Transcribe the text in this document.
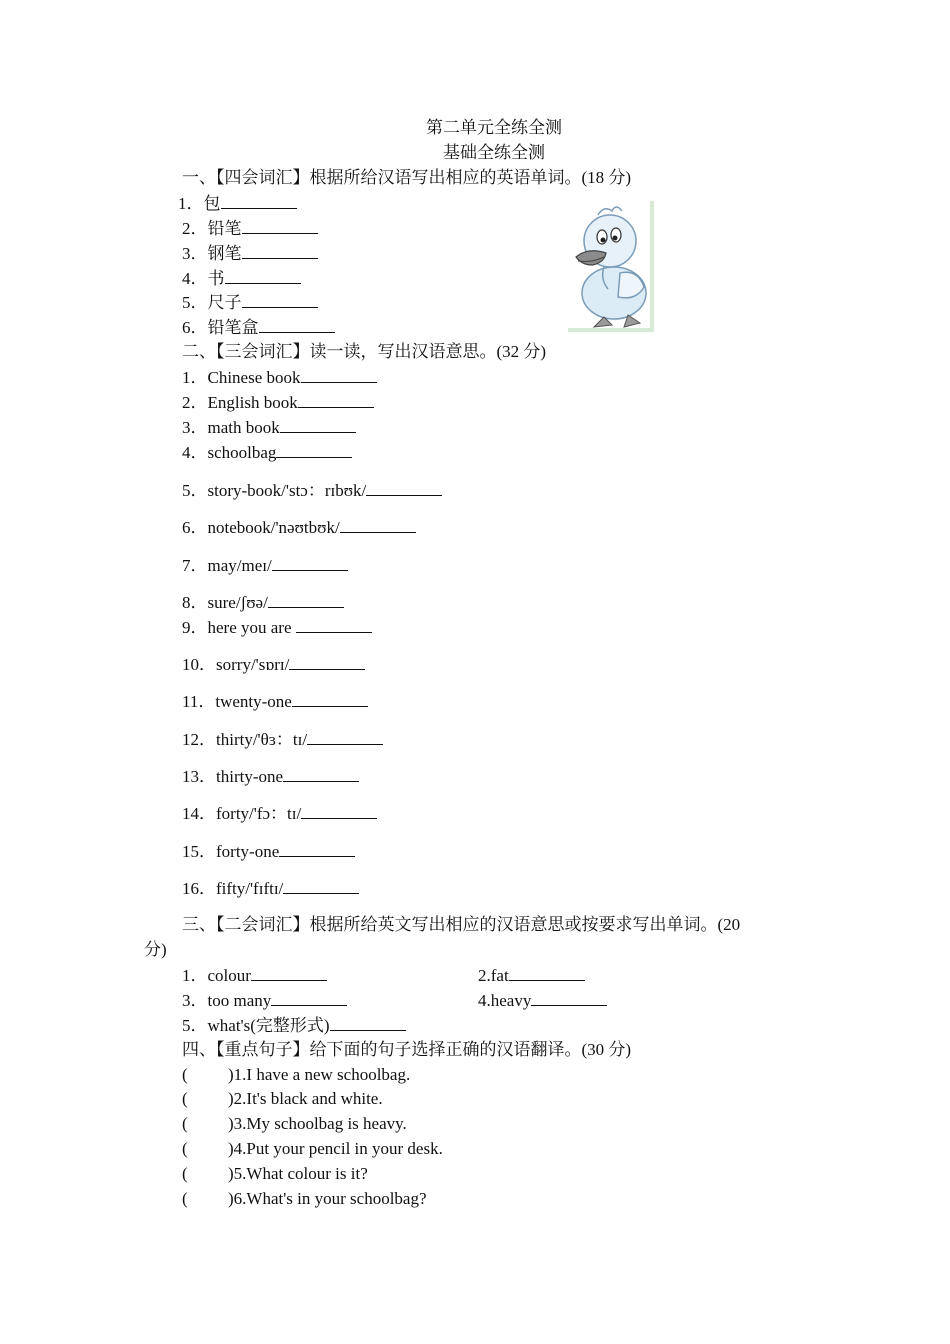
第二单元全练全测
基础全练全测
一、【四会词汇】根据所给汉语写出相应的英语单词。(18 分)
1．包
2．铅笔
3．钢笔
4．书
5．尺子
6．铅笔盒
二、【三会词汇】读一读，写出汉语意思。(32 分)
1．Chinese book
2．English book
3．math book
4．schoolbag
5．story-book/'stɔ：rɪbʊk/
6．notebook/'nəʊtbʊk/
7．may/meɪ/
8．sure/ʃʊə/
9．here you are
10．sorry/'sɒrɪ/
11．twenty-one
12．thirty/'θɜ：tɪ/
13．thirty-one
14．forty/'fɔ：tɪ/
15．forty-one
16．fifty/'fɪftɪ/
三、【二会词汇】根据所给英文写出相应的汉语意思或按要求写出单词。(20
分)
1．colour	2.fat
3．too many	4.heavy
5．what's(完整形式)
四、【重点句子】给下面的句子选择正确的汉语翻译。(30 分)
( )1.I have a new schoolbag.
( )2.It's black and white.
( )3.My schoolbag is heavy.
( )4.Put your pencil in your desk.
( )5.What colour is it?
( )6.What's in your schoolbag?
